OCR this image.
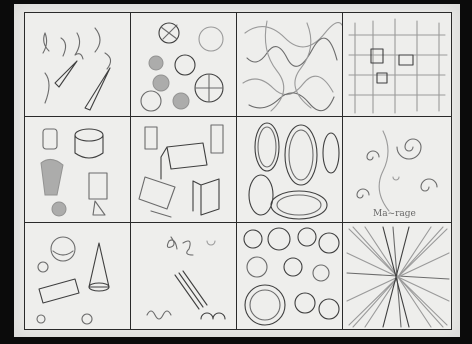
Ma~rage
